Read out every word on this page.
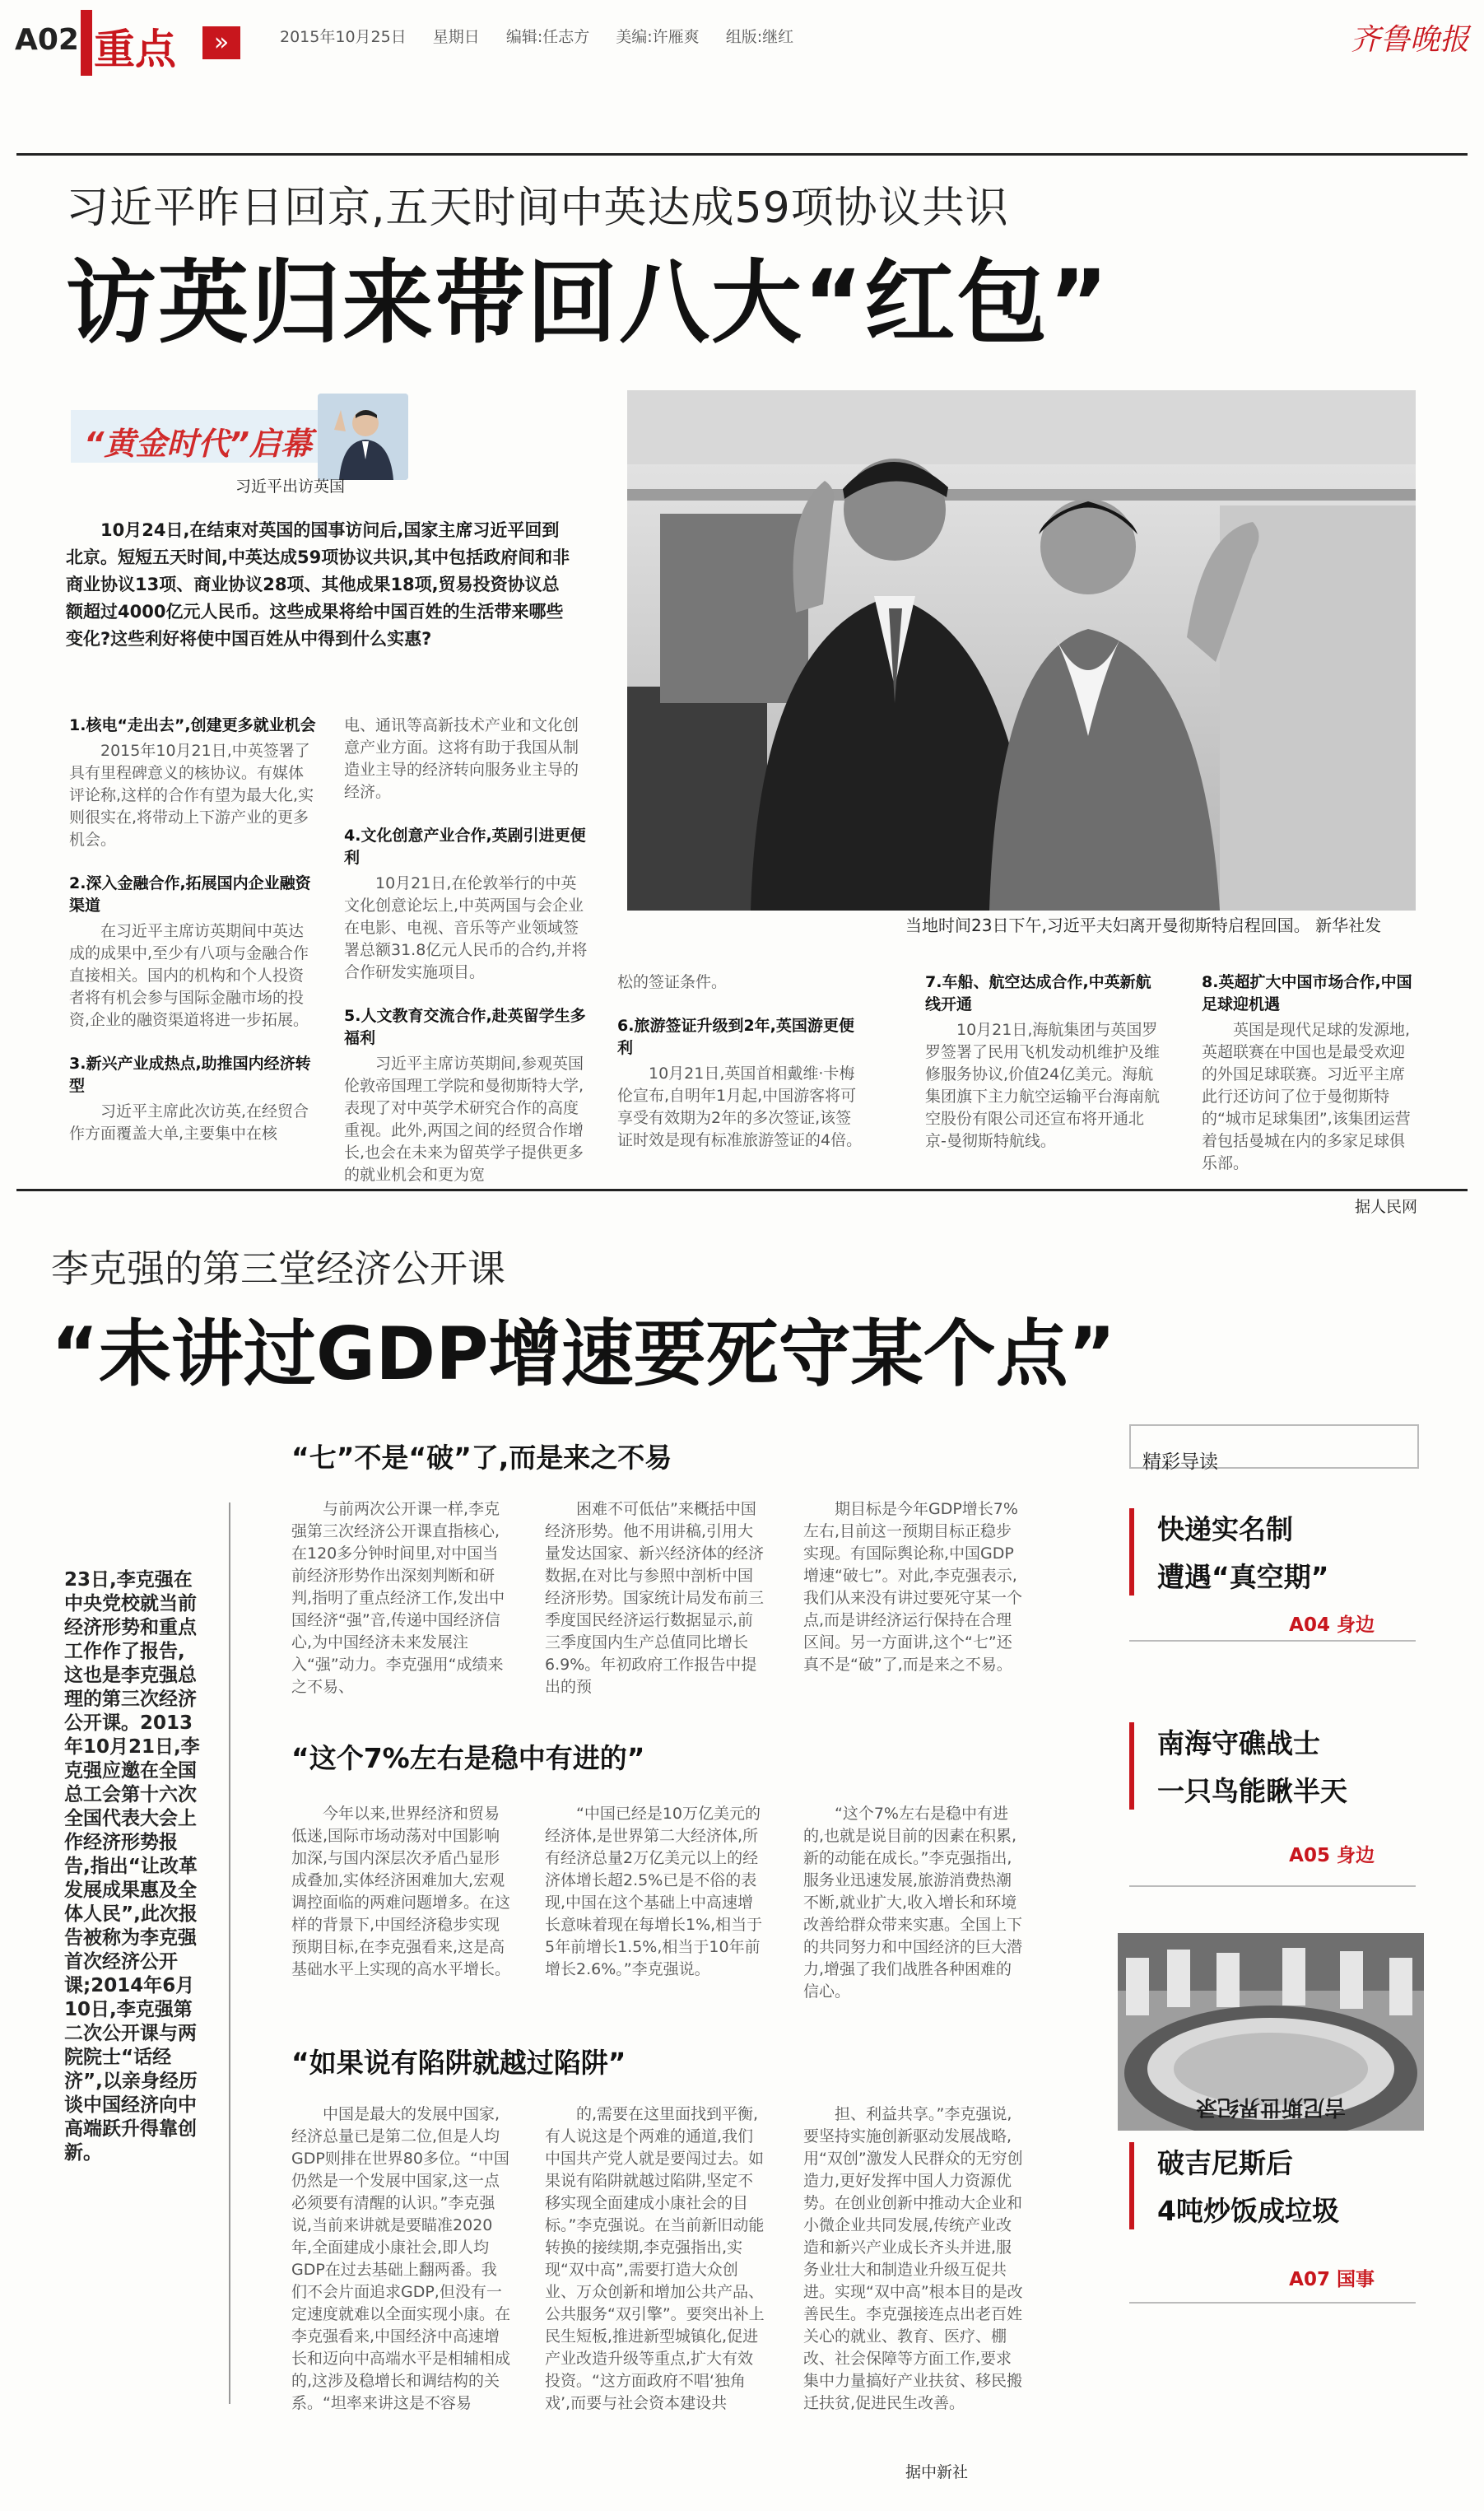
A02 重点	»	2015年10月25日 星期日 编辑:任志方 美编:许雁爽 组版:继红	齐鲁晚报
习近平昨日回京,五天时间中英达成59项协议共识
访英归来带回八大“红包”
“黄金时代”启幕
习近平出访英国
10月24日,在结束对英国的国事访问后,国家主席习近平回到北京。短短五天时间,中英达成59项协议共识,其中包括政府间和非商业协议13项、商业协议28项、其他成果18项,贸易投资协议总额超过4000亿元人民币。这些成果将给中国百姓的生活带来哪些变化?这些利好将使中国百姓从中得到什么实惠?
1.核电“走出去”,创建更多就业机会

2015年10月21日,中英签署了具有里程碑意义的核协议。有媒体评论称,这样的合作有望为最大化,实则很实在,将带动上下游产业的更多机会。

2.深入金融合作,拓展国内企业融资渠道

在习近平主席访英期间中英达成的成果中,至少有八项与金融合作直接相关。国内的机构和个人投资者将有机会参与国际金融市场的投资,企业的融资渠道将进一步拓展。

3.新兴产业成热点,助推国内经济转型

习近平主席此次访英,在经贸合作方面覆盖大单,主要集中在核

电、通讯等高新技术产业和文化创意产业方面。这将有助于我国从制造业主导的经济转向服务业主导的经济。

4.文化创意产业合作,英剧引进更便利

10月21日,在伦敦举行的中英文化创意论坛上,中英两国与会企业在电影、电视、音乐等产业领域签署总额31.8亿元人民币的合约,并将合作研发实施项目。

5.人文教育交流合作,赴英留学生多福利

习近平主席访英期间,参观英国伦敦帝国理工学院和曼彻斯特大学,表现了对中英学术研究合作的高度重视。此外,两国之间的经贸合作增长,也会在未来为留英学子提供更多的就业机会和更为宽

当地时间23日下午,习近平夫妇离开曼彻斯特启程回国。 新华社发

松的签证条件。

6.旅游签证升级到2年,英国游更便利

10月21日,英国首相戴维·卡梅伦宣布,自明年1月起,中国游客将可享受有效期为2年的多次签证,该签证时效是现有标准旅游签证的4倍。

7.车船、航空达成合作,中英新航线开通

10月21日,海航集团与英国罗罗签署了民用飞机发动机维护及维修服务协议,价值24亿美元。海航集团旗下主力航空运输平台海南航空股份有限公司还宣布将开通北京-曼彻斯特航线。

8.英超扩大中国市场合作,中国足球迎机遇

英国是现代足球的发源地,英超联赛在中国也是最受欢迎的外国足球联赛。习近平主席此行还访问了位于曼彻斯特的“城市足球集团”,该集团运营着包括曼城在内的多家足球俱乐部。

据人民网
李克强的第三堂经济公开课
“未讲过GDP增速要死守某个点”
23日,李克强在中央党校就当前经济形势和重点工作作了报告,这也是李克强总理的第三次经济公开课。2013年10月21日,李克强应邀在全国总工会第十六次全国代表大会上作经济形势报告,指出“让改革发展成果惠及全体人民”,此次报告被称为李克强首次经济公开课;2014年6月10日,李克强第二次公开课与两院院士“话经济”,以亲身经历谈中国经济向中高端跃升得靠创新。
“七”不是“破”了,而是来之不易

与前两次公开课一样,李克强第三次经济公开课直指核心,在120多分钟时间里,对中国当前经济形势作出深刻判断和研判,指明了重点经济工作,发出中国经济“强”音,传递中国经济信心,为中国经济未来发展注入“强”动力。李克强用“成绩来之不易、

困难不可低估”来概括中国经济形势。他不用讲稿,引用大量发达国家、新兴经济体的经济数据,在对比与参照中剖析中国经济形势。国家统计局发布前三季度国民经济运行数据显示,前三季度国内生产总值同比增长6.9%。年初政府工作报告中提出的预

期目标是今年GDP增长7%左右,目前这一预期目标正稳步实现。有国际舆论称,中国GDP增速“破七”。对此,李克强表示,我们从来没有讲过要死守某一个点,而是讲经济运行保持在合理区间。另一方面讲,这个“七”还真不是“破”了,而是来之不易。

“这个7%左右是稳中有进的”

今年以来,世界经济和贸易低迷,国际市场动荡对中国影响加深,与国内深层次矛盾凸显形成叠加,实体经济困难加大,宏观调控面临的两难问题增多。在这样的背景下,中国经济稳步实现预期目标,在李克强看来,这是高基础水平上实现的高水平增长。

“中国已经是10万亿美元的经济体,是世界第二大经济体,所有经济总量2万亿美元以上的经济体增长超2.5%已是不俗的表现,中国在这个基础上中高速增长意味着现在每增长1%,相当于5年前增长1.5%,相当于10年前增长2.6%。”李克强说。

“这个7%左右是稳中有进的,也就是说目前的因素在积累,新的动能在成长。”李克强指出,服务业迅速发展,旅游消费热潮不断,就业扩大,收入增长和环境改善给群众带来实惠。全国上下的共同努力和中国经济的巨大潜力,增强了我们战胜各种困难的信心。

“如果说有陷阱就越过陷阱”

中国是最大的发展中国家,经济总量已是第二位,但是人均GDP则排在世界80多位。“中国仍然是一个发展中国家,这一点必须要有清醒的认识。”李克强说,当前来讲就是要瞄准2020年,全面建成小康社会,即人均GDP在过去基础上翻两番。我们不会片面追求GDP,但没有一定速度就难以全面实现小康。在李克强看来,中国经济中高速增长和迈向中高端水平是相辅相成的,这涉及稳增长和调结构的关系。“坦率来讲这是不容易

的,需要在这里面找到平衡,有人说这是个两难的通道,我们中国共产党人就是要闯过去。如果说有陷阱就越过陷阱,坚定不移实现全面建成小康社会的目标。”李克强说。在当前新旧动能转换的接续期,李克强指出,实现“双中高”,需要打造大众创业、万众创新和增加公共产品、公共服务“双引擎”。要突出补上民生短板,推进新型城镇化,促进产业改造升级等重点,扩大有效投资。“这方面政府不唱‘独角戏’,而要与社会资本建设共

担、利益共享。”李克强说,要坚持实施创新驱动发展战略,用“双创”激发人民群众的无穷创造力,更好发挥中国人力资源优势。在创业创新中推动大企业和小微企业共同发展,传统产业改造和新兴产业成长齐头并进,服务业壮大和制造业升级互促共进。实现“双中高”根本目的是改善民生。李克强接连点出老百姓关心的就业、教育、医疗、棚改、社会保障等方面工作,要求集中力量搞好产业扶贫、移民搬迁扶贫,促进民生改善。

据中新社
精彩导读
快递实名制
遭遇“真空期”
A04 身边
南海守礁战士
一只鸟能瞅半天
A05 身边
吉尼斯世界纪录
破吉尼斯后
4吨炒饭成垃圾
A07 国事
